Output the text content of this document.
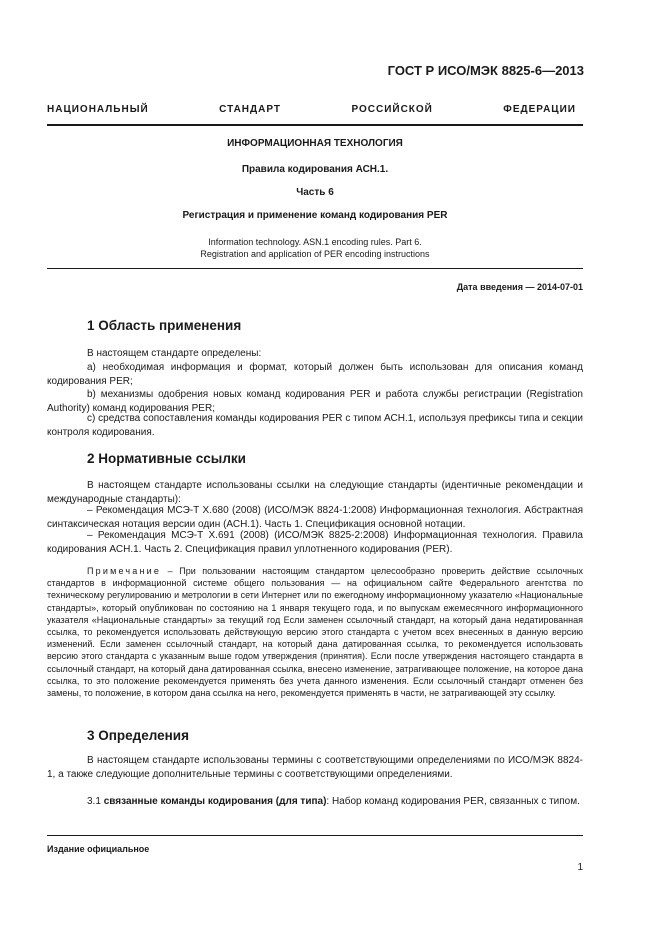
ГОСТ Р ИСО/МЭК 8825-6—2013
НАЦИОНАЛЬНЫЙ СТАНДАРТ РОССИЙСКОЙ ФЕДЕРАЦИИ
ИНФОРМАЦИОННАЯ ТЕХНОЛОГИЯ
Правила кодирования АСН.1.
Часть 6
Регистрация и применение команд кодирования PER
Information technology. ASN.1 encoding rules. Part 6.
Registration and application of PER encoding instructions
Дата введения — 2014-07-01
1 Область применения
В настоящем стандарте определены:
а) необходимая информация и формат, который должен быть использован для описания команд кодирования PER;
b) механизмы одобрения новых команд кодирования PER и работа службы регистрации (Registration Authority) команд кодирования PER;
с) средства сопоставления команды кодирования PER с типом АСН.1, используя префиксы типа и секции контроля кодирования.
2 Нормативные ссылки
В настоящем стандарте использованы ссылки на следующие стандарты (идентичные рекомендации и международные стандарты):
– Рекомендация МСЭ-Т X.680 (2008) (ИСО/МЭК 8824-1:2008) Информационная технология. Абстрактная синтаксическая нотация версии один (АСН.1). Часть 1. Спецификация основной нотации.
– Рекомендация МСЭ-Т X.691 (2008) (ИСО/МЭК 8825-2:2008) Информационная технология. Правила кодирования АСН.1. Часть 2. Спецификация правил уплотненного кодирования (PER).
Примечание – При пользовании настоящим стандартом целесообразно проверить действие ссылочных стандартов в информационной системе общего пользования — на официальном сайте Федерального агентства по техническому регулированию и метрологии в сети Интернет или по ежегодному информационному указателю «Национальные стандарты», который опубликован по состоянию на 1 января текущего года, и по выпускам ежемесячного информационного указателя «Национальные стандарты» за текущий год Если заменен ссылочный стандарт, на который дана недатированная ссылка, то рекомендуется использовать действующую версию этого стандарта с учетом всех внесенных в данную версию изменений. Если заменен ссылочный стандарт, на который дана датированная ссылка, то рекомендуется использовать версию этого стандарта с указанным выше годом утверждения (принятия). Если после утверждения настоящего стандарта в ссылочный стандарт, на который дана датированная ссылка, внесено изменение, затрагивающее положение, на которое дана ссылка, то это положение рекомендуется применять без учета данного изменения. Если ссылочный стандарт отменен без замены, то положение, в котором дана ссылка на него, рекомендуется применять в части, не затрагивающей эту ссылку.
3 Определения
В настоящем стандарте использованы термины с соответствующими определениями по ИСО/МЭК 8824-1, а также следующие дополнительные термины с соответствующими определениями.
3.1 связанные команды кодирования (для типа): Набор команд кодирования PER, связанных с типом.
Издание официальное
1
